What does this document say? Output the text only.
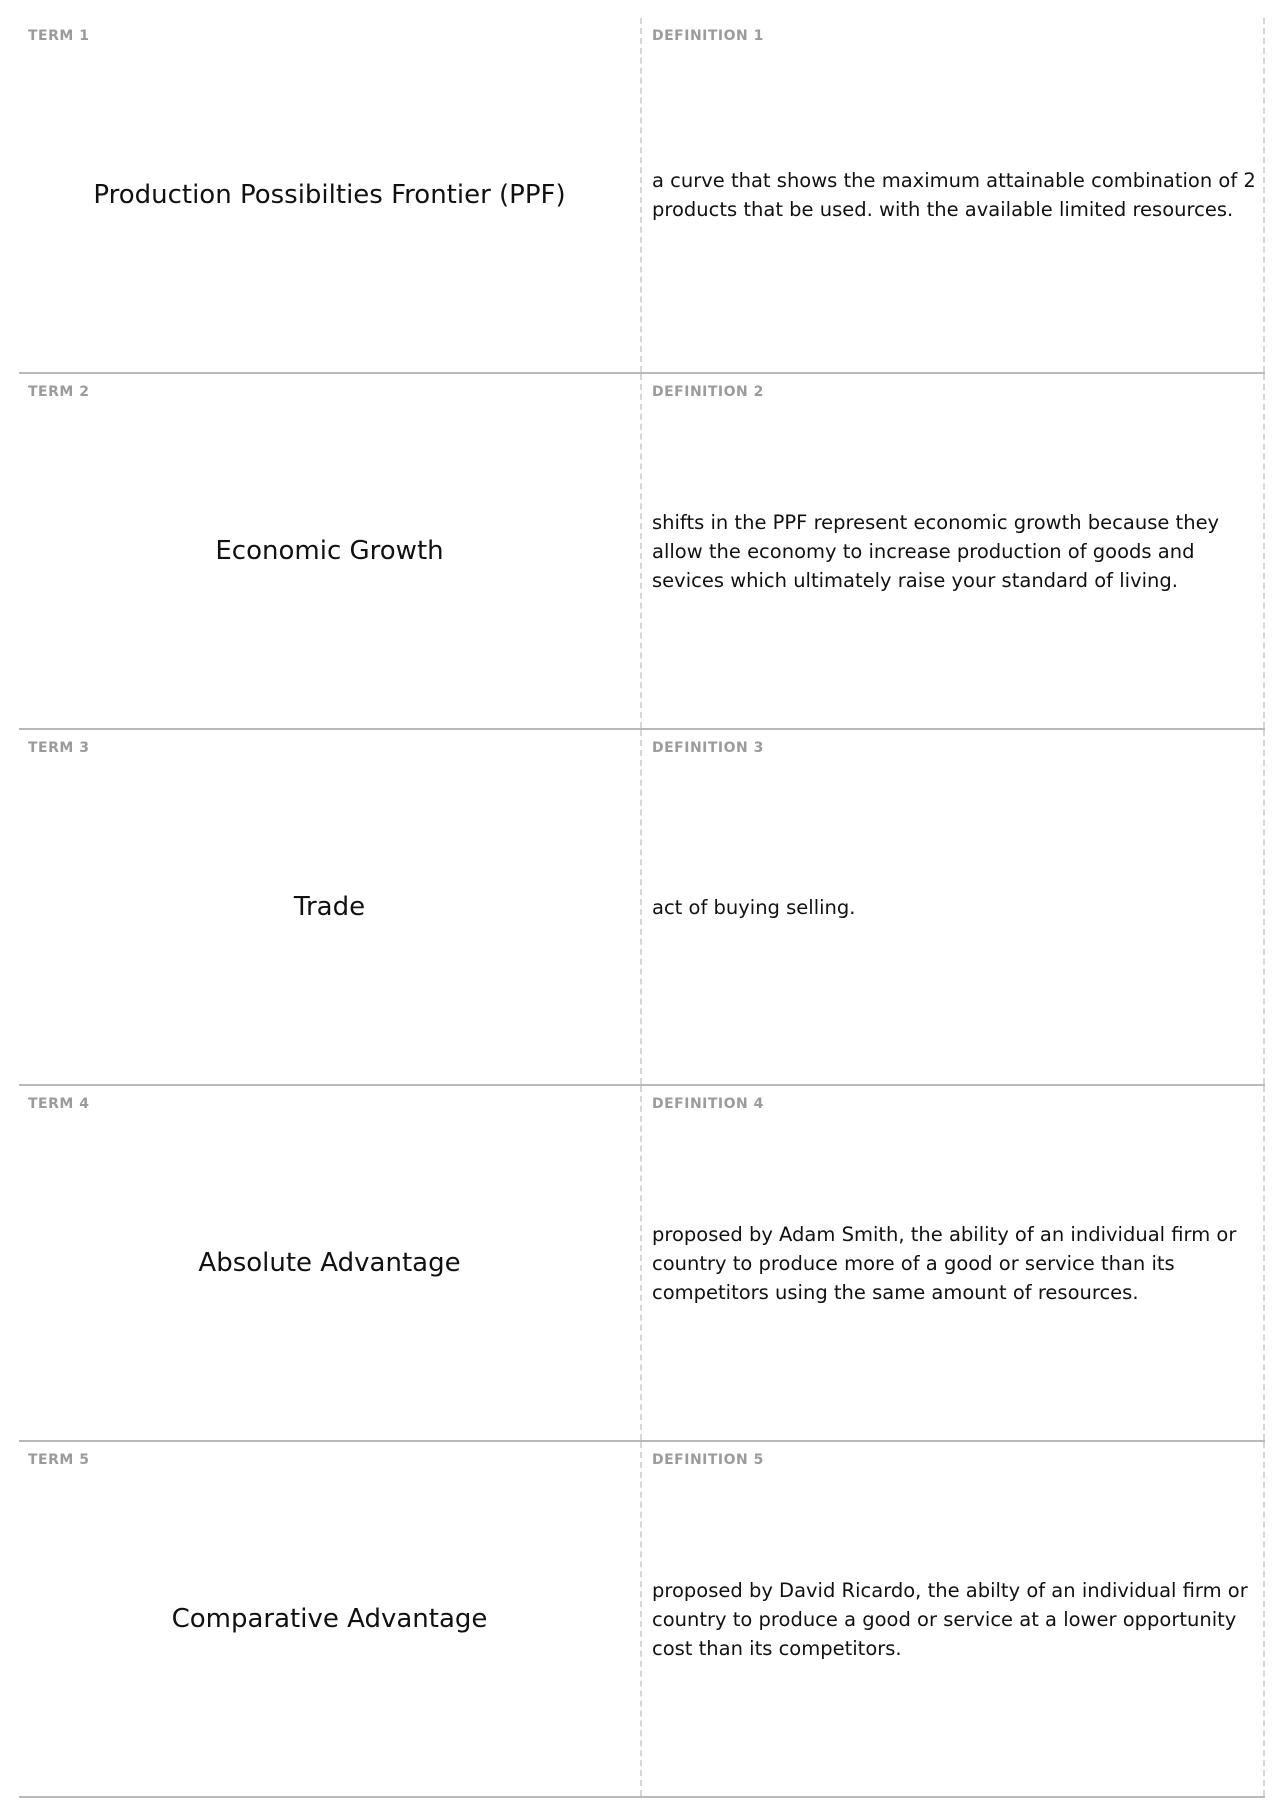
TERM 1
Production Possibilties Frontier (PPF)
DEFINITION 1
a curve that shows the maximum attainable combination of 2 products that be used. with the available limited resources.
TERM 2
Economic Growth
DEFINITION 2
shifts in the PPF represent economic growth because they allow the economy to increase production of goods and sevices which ultimately raise your standard of living.
TERM 3
Trade
DEFINITION 3
act of buying selling.
TERM 4
Absolute Advantage
DEFINITION 4
proposed by Adam Smith, the ability of an individual firm or country to produce more of a good or service than its competitors using the same amount of resources.
TERM 5
Comparative Advantage
DEFINITION 5
proposed by David Ricardo, the abilty of an individual firm or country to produce a good or service at a lower opportunity cost than its competitors.
